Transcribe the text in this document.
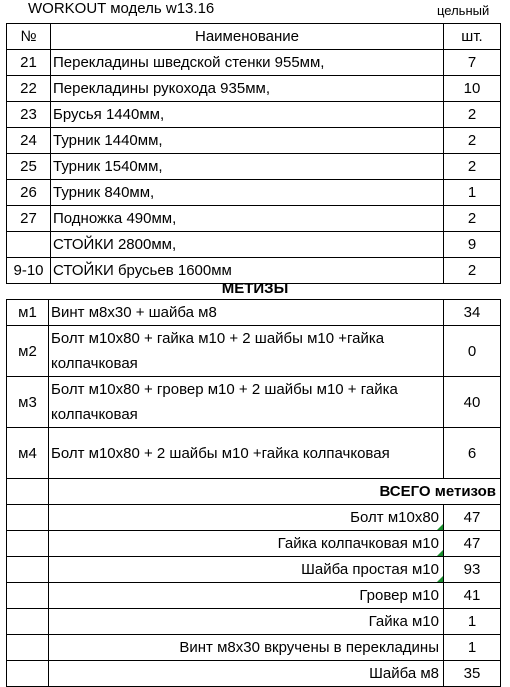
WORKOUT модель w13.16	цельный
№	Наименование	шт.
21	Перекладины шведской стенки 955мм,	7
22	Перекладины рукохода 935мм,	10
23	Брусья 1440мм,	2
24	Турник 1440мм,	2
25	Турник 1540мм,	2
26	Турник 840мм,	1
27	Подножка 490мм,	2
	СТОЙКИ 2800мм,	9
9-10	СТОЙКИ брусьев 1600мм	2
МЕТИЗЫ
м1	Винт м8х30 + шайба м8	34
м2	Болт м10х80 + гайка м10 + 2 шайбы м10 +гайка колпачковая	0
м3	Болт м10х80 + гровер м10 + 2 шайбы м10 + гайка колпачковая	40
м4	Болт м10х80 + 2 шайбы м10 +гайка колпачковая	6
	ВСЕГО метизов	
	Болт м10х80	47
	Гайка колпачковая м10	47
	Шайба простая м10	93
	Гровер м10	41
	Гайка м10	1
	Винт м8х30 вкручены в перекладины	1
	Шайба м8	35
